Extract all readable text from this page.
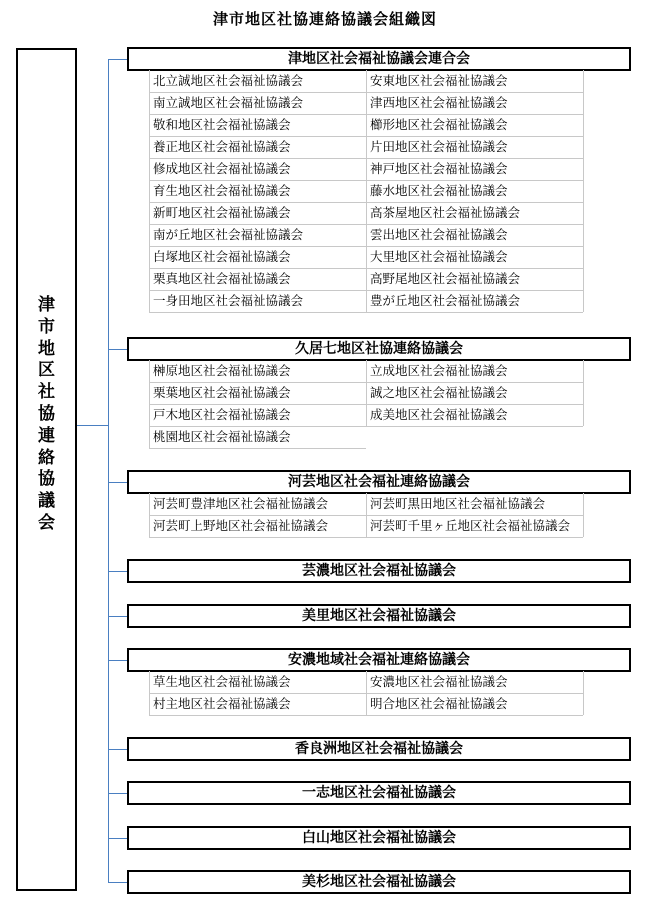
津市地区社協連絡協議会組織図
津
市
地
区
社
協
連
絡
協
議
会
津地区社会福祉協議会連合会
北立誠地区社会福祉協議会	安東地区社会福祉協議会
南立誠地区社会福祉協議会	津西地区社会福祉協議会
敬和地区社会福祉協議会	櫛形地区社会福祉協議会
養正地区社会福祉協議会	片田地区社会福祉協議会
修成地区社会福祉協議会	神戸地区社会福祉協議会
育生地区社会福祉協議会	藤水地区社会福祉協議会
新町地区社会福祉協議会	高茶屋地区社会福祉協議会
南が丘地区社会福祉協議会	雲出地区社会福祉協議会
白塚地区社会福祉協議会	大里地区社会福祉協議会
栗真地区社会福祉協議会	高野尾地区社会福祉協議会
一身田地区社会福祉協議会	豊が丘地区社会福祉協議会
久居七地区社協連絡協議会
榊原地区社会福祉協議会	立成地区社会福祉協議会
栗葉地区社会福祉協議会	誠之地区社会福祉協議会
戸木地区社会福祉協議会	成美地区社会福祉協議会
桃園地区社会福祉協議会
河芸地区社会福祉連絡協議会
河芸町豊津地区社会福祉協議会	河芸町黒田地区社会福祉協議会
河芸町上野地区社会福祉協議会	河芸町千里ヶ丘地区社会福祉協議会
芸濃地区社会福祉協議会
美里地区社会福祉協議会
安濃地域社会福祉連絡協議会
草生地区社会福祉協議会	安濃地区社会福祉協議会
村主地区社会福祉協議会	明合地区社会福祉協議会
香良洲地区社会福祉協議会
一志地区社会福祉協議会
白山地区社会福祉協議会
美杉地区社会福祉協議会
